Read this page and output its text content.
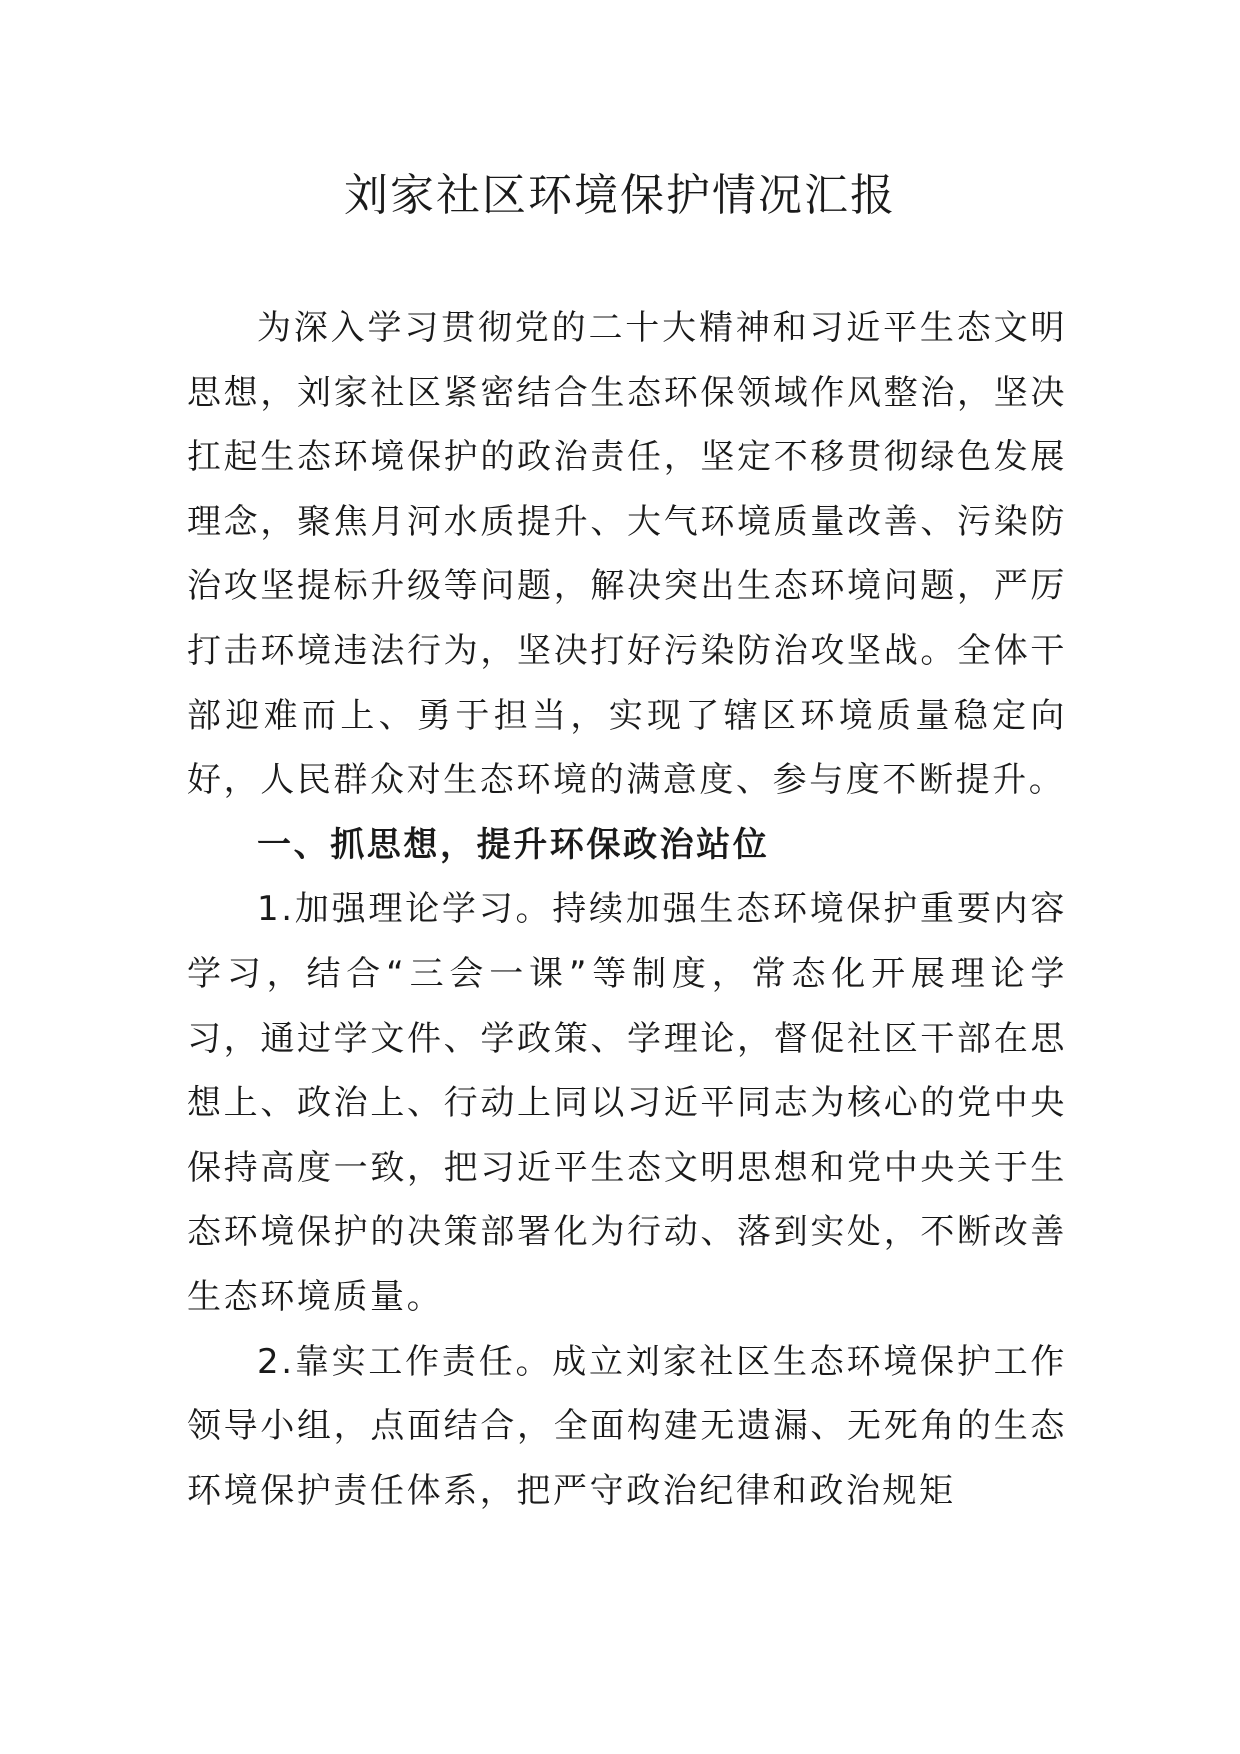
刘家社区环境保护情况汇报

为深入学习贯彻党的二十大精神和习近平生态文明思想，刘家社区紧密结合生态环保领域作风整治，坚决扛起生态环境保护的政治责任，坚定不移贯彻绿色发展理念，聚焦月河水质提升、大气环境质量改善、污染防治攻坚提标升级等问题，解决突出生态环境问题，严厉打击环境违法行为，坚决打好污染防治攻坚战。全体干部迎难而上、勇于担当，实现了辖区环境质量稳定向好，人民群众对生态环境的满意度、参与度不断提升。

一、抓思想，提升环保政治站位

1.加强理论学习。持续加强生态环境保护重要内容学习，结合“三会一课”等制度，常态化开展理论学习，通过学文件、学政策、学理论，督促社区干部在思想上、政治上、行动上同以习近平同志为核心的党中央保持高度一致，把习近平生态文明思想和党中央关于生态环境保护的决策部署化为行动、落到实处，不断改善生态环境质量。

2.靠实工作责任。成立刘家社区生态环境保护工作领导小组，点面结合，全面构建无遗漏、无死角的生态环境保护责任体系，把严守政治纪律和政治规矩
